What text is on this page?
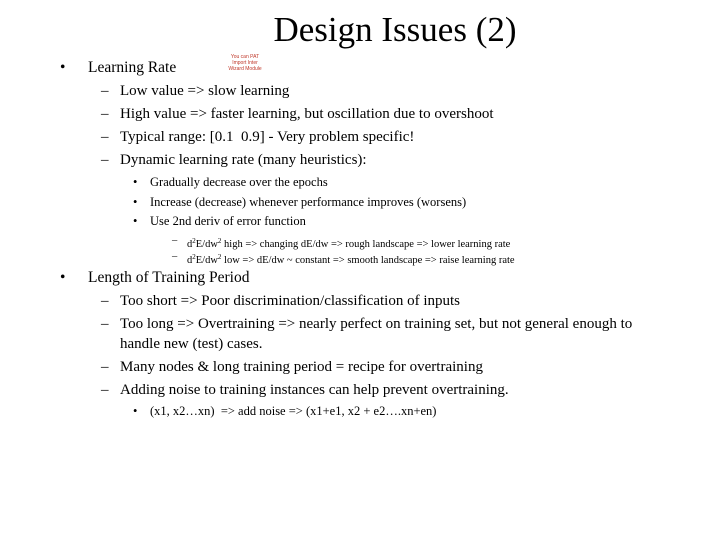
Design Issues (2)
You can PAT
Import Inter
Wizard Module
• Learning Rate
– Low value => slow learning
– High value => faster learning, but oscillation due to overshoot
– Typical range: [0.1  0.9] - Very problem specific!
– Dynamic learning rate (many heuristics):
• Gradually decrease over the epochs
• Increase (decrease) whenever performance improves (worsens)
• Use 2nd deriv of error function
– $d^2E/dw^2$ high => changing dE/dw => rough landscape => lower learning rate
– $d^2E/dw^2$ low => dE/dw ~ constant => smooth landscape => raise learning rate
• Length of Training Period
– Too short => Poor discrimination/classification of inputs
– Too long => Overtraining => nearly perfect on training set, but not general enough to
handle new (test) cases.
– Many nodes & long training period = recipe for overtraining
– Adding noise to training instances can help prevent overtraining.
• (x1, x2…xn)  => add noise => (x1+e1, x2 + e2….xn+en)
